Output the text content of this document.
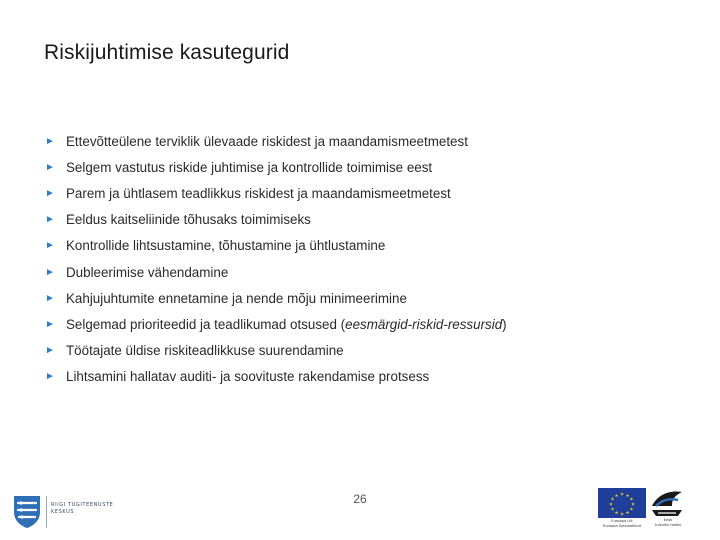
Riskijuhtimise kasutegurid
► Ettevõtteülene terviklik ülevaade riskidest ja maandamismeetmetest
► Selgem vastutus riskide juhtimise ja kontrollide toimimise eest
► Parem ja ühtlasem teadlikkus riskidest ja maandamismeetmetest
► Eeldus kaitseliinide tõhusaks toimimiseks
► Kontrollide lihtsustamine, tõhustamine ja ühtlustamine
► Dubleerimise vähendamine
► Kahjujuhtumite ennetamine ja nende mõju minimeerimine
► Selgemad prioriteedid ja teadlikumad otsused ( eesmärgid-riskid-ressursid )
► Töötajate üldise riskiteadlikkuse suurendamine
► Lihtsamini hallatav auditi- ja soovituste rakendamise protsess
26
RIIGI TUGITEENUSTE
KESKUS
★ ★
★
★
★
★
★
★
★
★
★
★
Euroopa Liit
Euroopa Sotsiaalfond
Eesti
tuleviku heaks
